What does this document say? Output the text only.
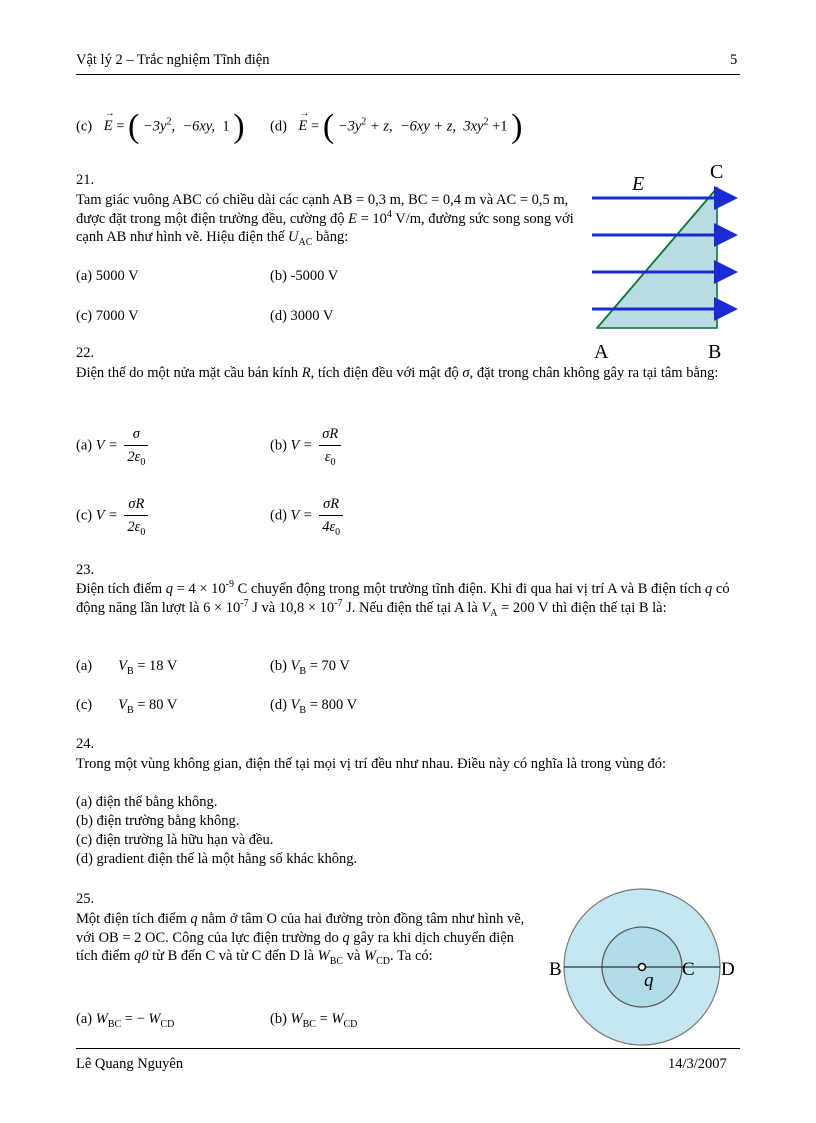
Vật lý 2 – Trắc nghiệm Tĩnh điện	5
(c) E
→
= ( $-3y^2$,  −6xy, 1 ) (d) E
→
= ( $-3y^2 + z$, −6xy + z, $3xy^2 +1$ )
21.
Tam giác vuông ABC có chiều dài các cạnh AB = 0,3 m, BC = 0,4 m và AC = 0,5 m, được đặt trong một điện trường đều, cường độ $E = 10^4$ V/m, đường sức song song với cạnh AB như hình vẽ. Hiệu điện thế $U_{AC}$ bằng:
(a) 5000 V	(b) -5000 V
(c) 7000 V	(d) 3000 V
C
A	B
E
22.
Điện thế do một nửa mặt cầu bán kính R, tích điện đều với mật độ σ, đặt trong chân không gây ra tại tâm bằng:
(a) $V = \frac{\sigma}{2\varepsilon_0}$	(b) $V = \frac{\sigma R}{\varepsilon_0}$
(c) $V = \frac{\sigma R}{2\varepsilon_0}$	(d) $V = \frac{\sigma R}{4\varepsilon_0}$
23.
Điện tích điểm $q = 4 \times 10^{-9}$ C chuyển động trong một trường tĩnh điện. Khi đi qua hai vị trí A và B điện tích q có động năng lần lượt là $6 \times 10^{-7}$ J và $10,8 \times 10^{-7}$ J. Nếu điện thế tại A là $V_A = 200$ V thì điện thế tại B là:
(a) $V_B = 18$ V	(b) $V_B = 70$ V
(c) $V_B = 80$ V	(d) $V_B = 800$ V
24.
Trong một vùng không gian, điện thế tại mọi vị trí đều như nhau. Điều này có nghĩa là trong vùng đó:
(a) điện thế bằng không.
(b) điện trường bằng không.
(c) điện trường là hữu hạn và đều.
(d) gradient điện thế là một hằng số khác không.
25.
Một điện tích điểm q nằm ở tâm O của hai đường tròn đồng tâm như hình vẽ, với OB = 2 OC. Công của lực điện trường do q gây ra khi dịch chuyển điện tích điểm q0 từ B đến C và từ C đến D là $W_{BC}$ và $W_{CD}$. Ta có:
(a) $W_{BC}$ = − $W_{CD}$	(b) $W_{BC} = W_{CD}$
B	C D
q
Lê Quang Nguyên	14/3/2007
